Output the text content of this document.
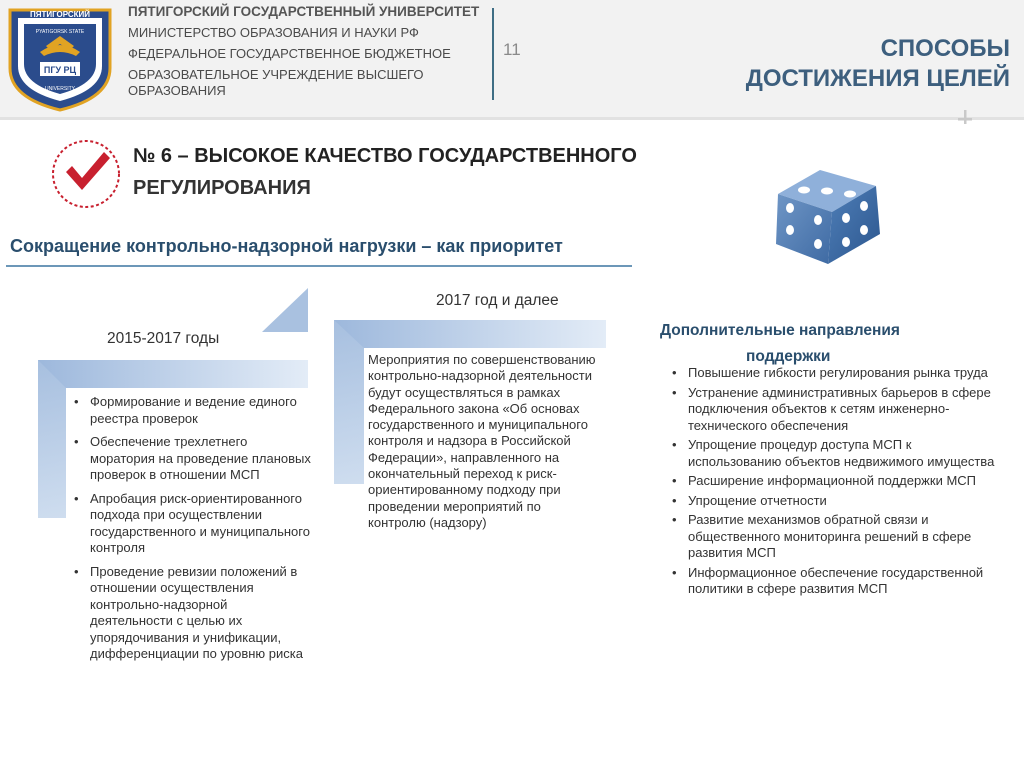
ПЯТИГОРСКИЙ
PYATIGORSK STATE
ПГУ РЦ
UNIVERSITY
ПЯТИГОРСКИЙ ГОСУДАРСТВЕННЫЙ УНИВЕРСИТЕТ
МИНИСТЕРСТВО ОБРАЗОВАНИЯ И НАУКИ РФ
ФЕДЕРАЛЬНОЕ ГОСУДАРСТВЕННОЕ БЮДЖЕТНОЕ
ОБРАЗОВАТЕЛЬНОЕ УЧРЕЖДЕНИЕ ВЫСШЕГО
ОБРАЗОВАНИЯ
11	СПОСОБЫ
ДОСТИЖЕНИЯ ЦЕЛЕЙ
№ 6 – ВЫСОКОЕ КАЧЕСТВО ГОСУДАРСТВЕННОГО
РЕГУЛИРОВАНИЯ
Сокращение контрольно-надзорной нагрузки – как приоритет
2017 год и далее
2015-2017 годы
• Формирование и ведение единого реестра проверок
• Обеспечение трехлетнего моратория на проведение плановых проверок в отношении МСП
• Апробация риск-ориентированного подхода при осуществлении государственного и муниципального контроля
• Проведение ревизии положений в отношении осуществления контрольно-надзорной деятельности с целью их упорядочивания и унификации, дифференциации по уровню риска
Мероприятия по совершенствованию контрольно-надзорной деятельности будут осуществляться в рамках Федерального закона «Об основах государственного и муниципального контроля и надзора в Российской Федерации», направленного на окончательный переход к риск-ориентированному подходу при проведении мероприятий по контролю (надзору)
Дополнительные направления
поддержки
• Повышение гибкости регулирования рынка труда
• Устранение административных барьеров в сфере подключения объектов к сетям инженерно-технического обеспечения
• Упрощение процедур доступа МСП к использованию объектов недвижимого имущества
• Расширение информационной поддержки МСП
• Упрощение отчетности
• Развитие механизмов обратной связи и общественного мониторинга решений в сфере развития МСП
• Информационное обеспечение государственной политики в сфере развития МСП
